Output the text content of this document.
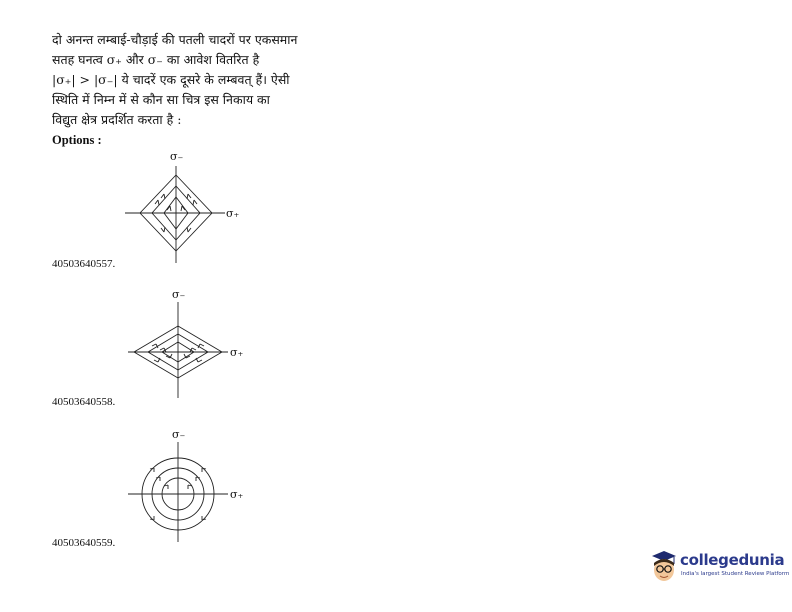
दो अनन्त लम्बाई-चौड़ाई की पतली चादरों पर एकसमान

सतह घनत्व σ₊ और σ₋ का आवेश वितरित है

|σ₊| > |σ₋| ये चादरें एक दूसरे के लम्बवत् हैं। ऐसी

स्थिति में निम्न में से कौन सा चित्र इस निकाय का

विद्युत क्षेत्र प्रदर्शित करता है :

Options :
σ₋
σ₊
40503640557.
σ₋
σ₊
40503640558.
σ₋
σ₊
40503640559.
collegedunia
India's largest Student Review Platform
